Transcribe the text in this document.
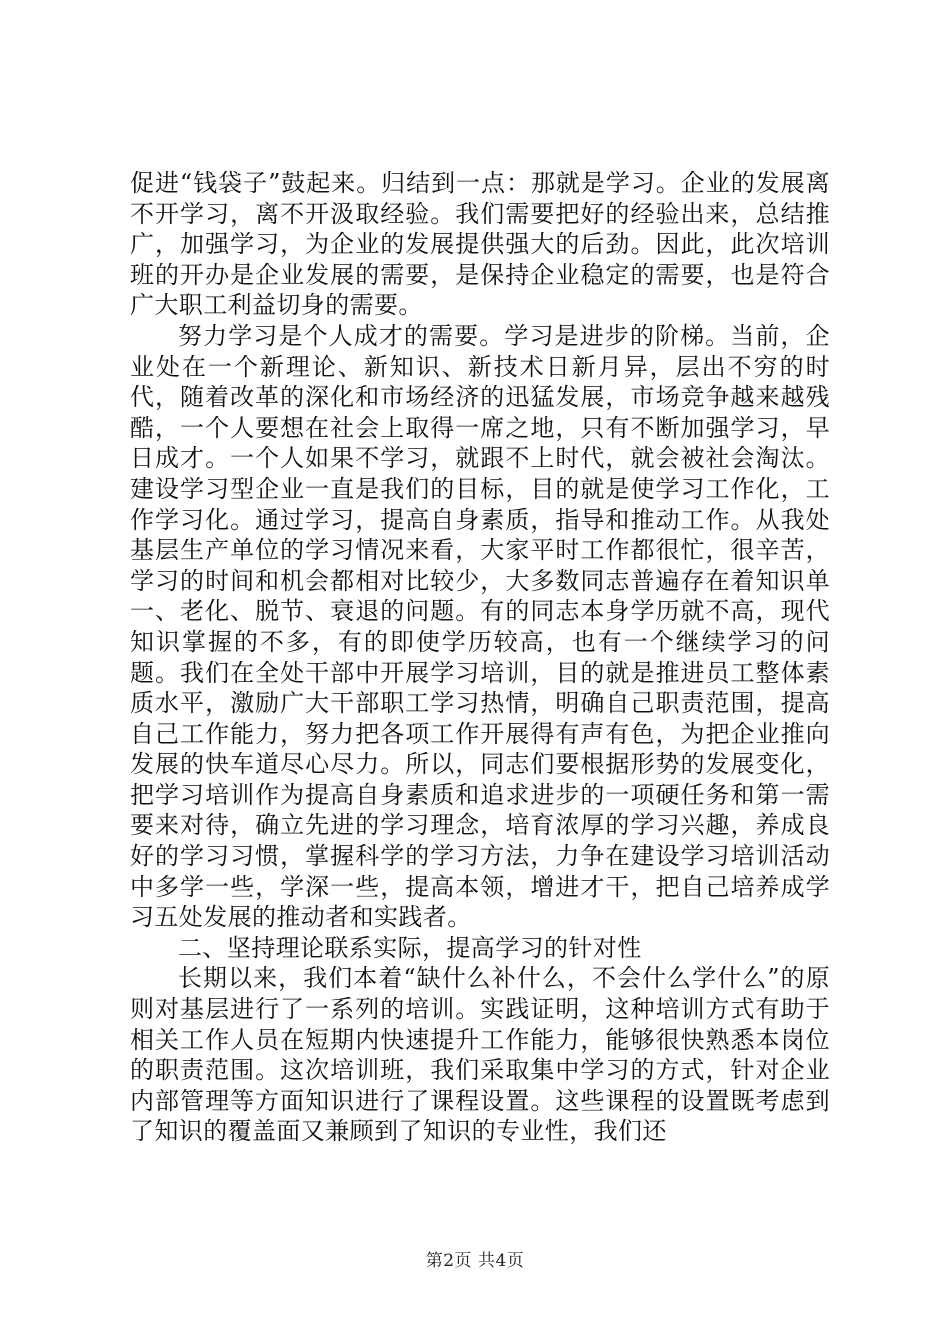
促进“钱袋子”鼓起来。归结到一点：那就是学习。企业的发展离不开学习，离不开汲取经验。我们需要把好的经验出来，总结推广，加强学习，为企业的发展提供强大的后劲。因此，此次培训班的开办是企业发展的需要，是保持企业稳定的需要，也是符合广大职工利益切身的需要。

努力学习是个人成才的需要。学习是进步的阶梯。当前，企业处在一个新理论、新知识、新技术日新月异，层出不穷的时代，随着改革的深化和市场经济的迅猛发展，市场竞争越来越残酷，一个人要想在社会上取得一席之地，只有不断加强学习，早日成才。一个人如果不学习，就跟不上时代，就会被社会淘汰。建设学习型企业一直是我们的目标，目的就是使学习工作化，工作学习化。通过学习，提高自身素质，指导和推动工作。从我处基层生产单位的学习情况来看，大家平时工作都很忙，很辛苦，学习的时间和机会都相对比较少，大多数同志普遍存在着知识单一、老化、脱节、衰退的问题。有的同志本身学历就不高，现代知识掌握的不多，有的即使学历较高，也有一个继续学习的问题。我们在全处干部中开展学习培训，目的就是推进员工整体素质水平，激励广大干部职工学习热情，明确自己职责范围，提高自己工作能力，努力把各项工作开展得有声有色，为把企业推向发展的快车道尽心尽力。所以，同志们要根据形势的发展变化，把学习培训作为提高自身素质和追求进步的一项硬任务和第一需要来对待，确立先进的学习理念，培育浓厚的学习兴趣，养成良好的学习习惯，掌握科学的学习方法，力争在建设学习培训活动中多学一些，学深一些，提高本领，增进才干，把自己培养成学习五处发展的推动者和实践者。

二、坚持理论联系实际，提高学习的针对性

长期以来，我们本着“缺什么补什么，不会什么学什么”的原则对基层进行了一系列的培训。实践证明，这种培训方式有助于相关工作人员在短期内快速提升工作能力，能够很快熟悉本岗位的职责范围。这次培训班，我们采取集中学习的方式，针对企业内部管理等方面知识进行了课程设置。这些课程的设置既考虑到了知识的覆盖面又兼顾到了知识的专业性，我们还

第2页 共4页
